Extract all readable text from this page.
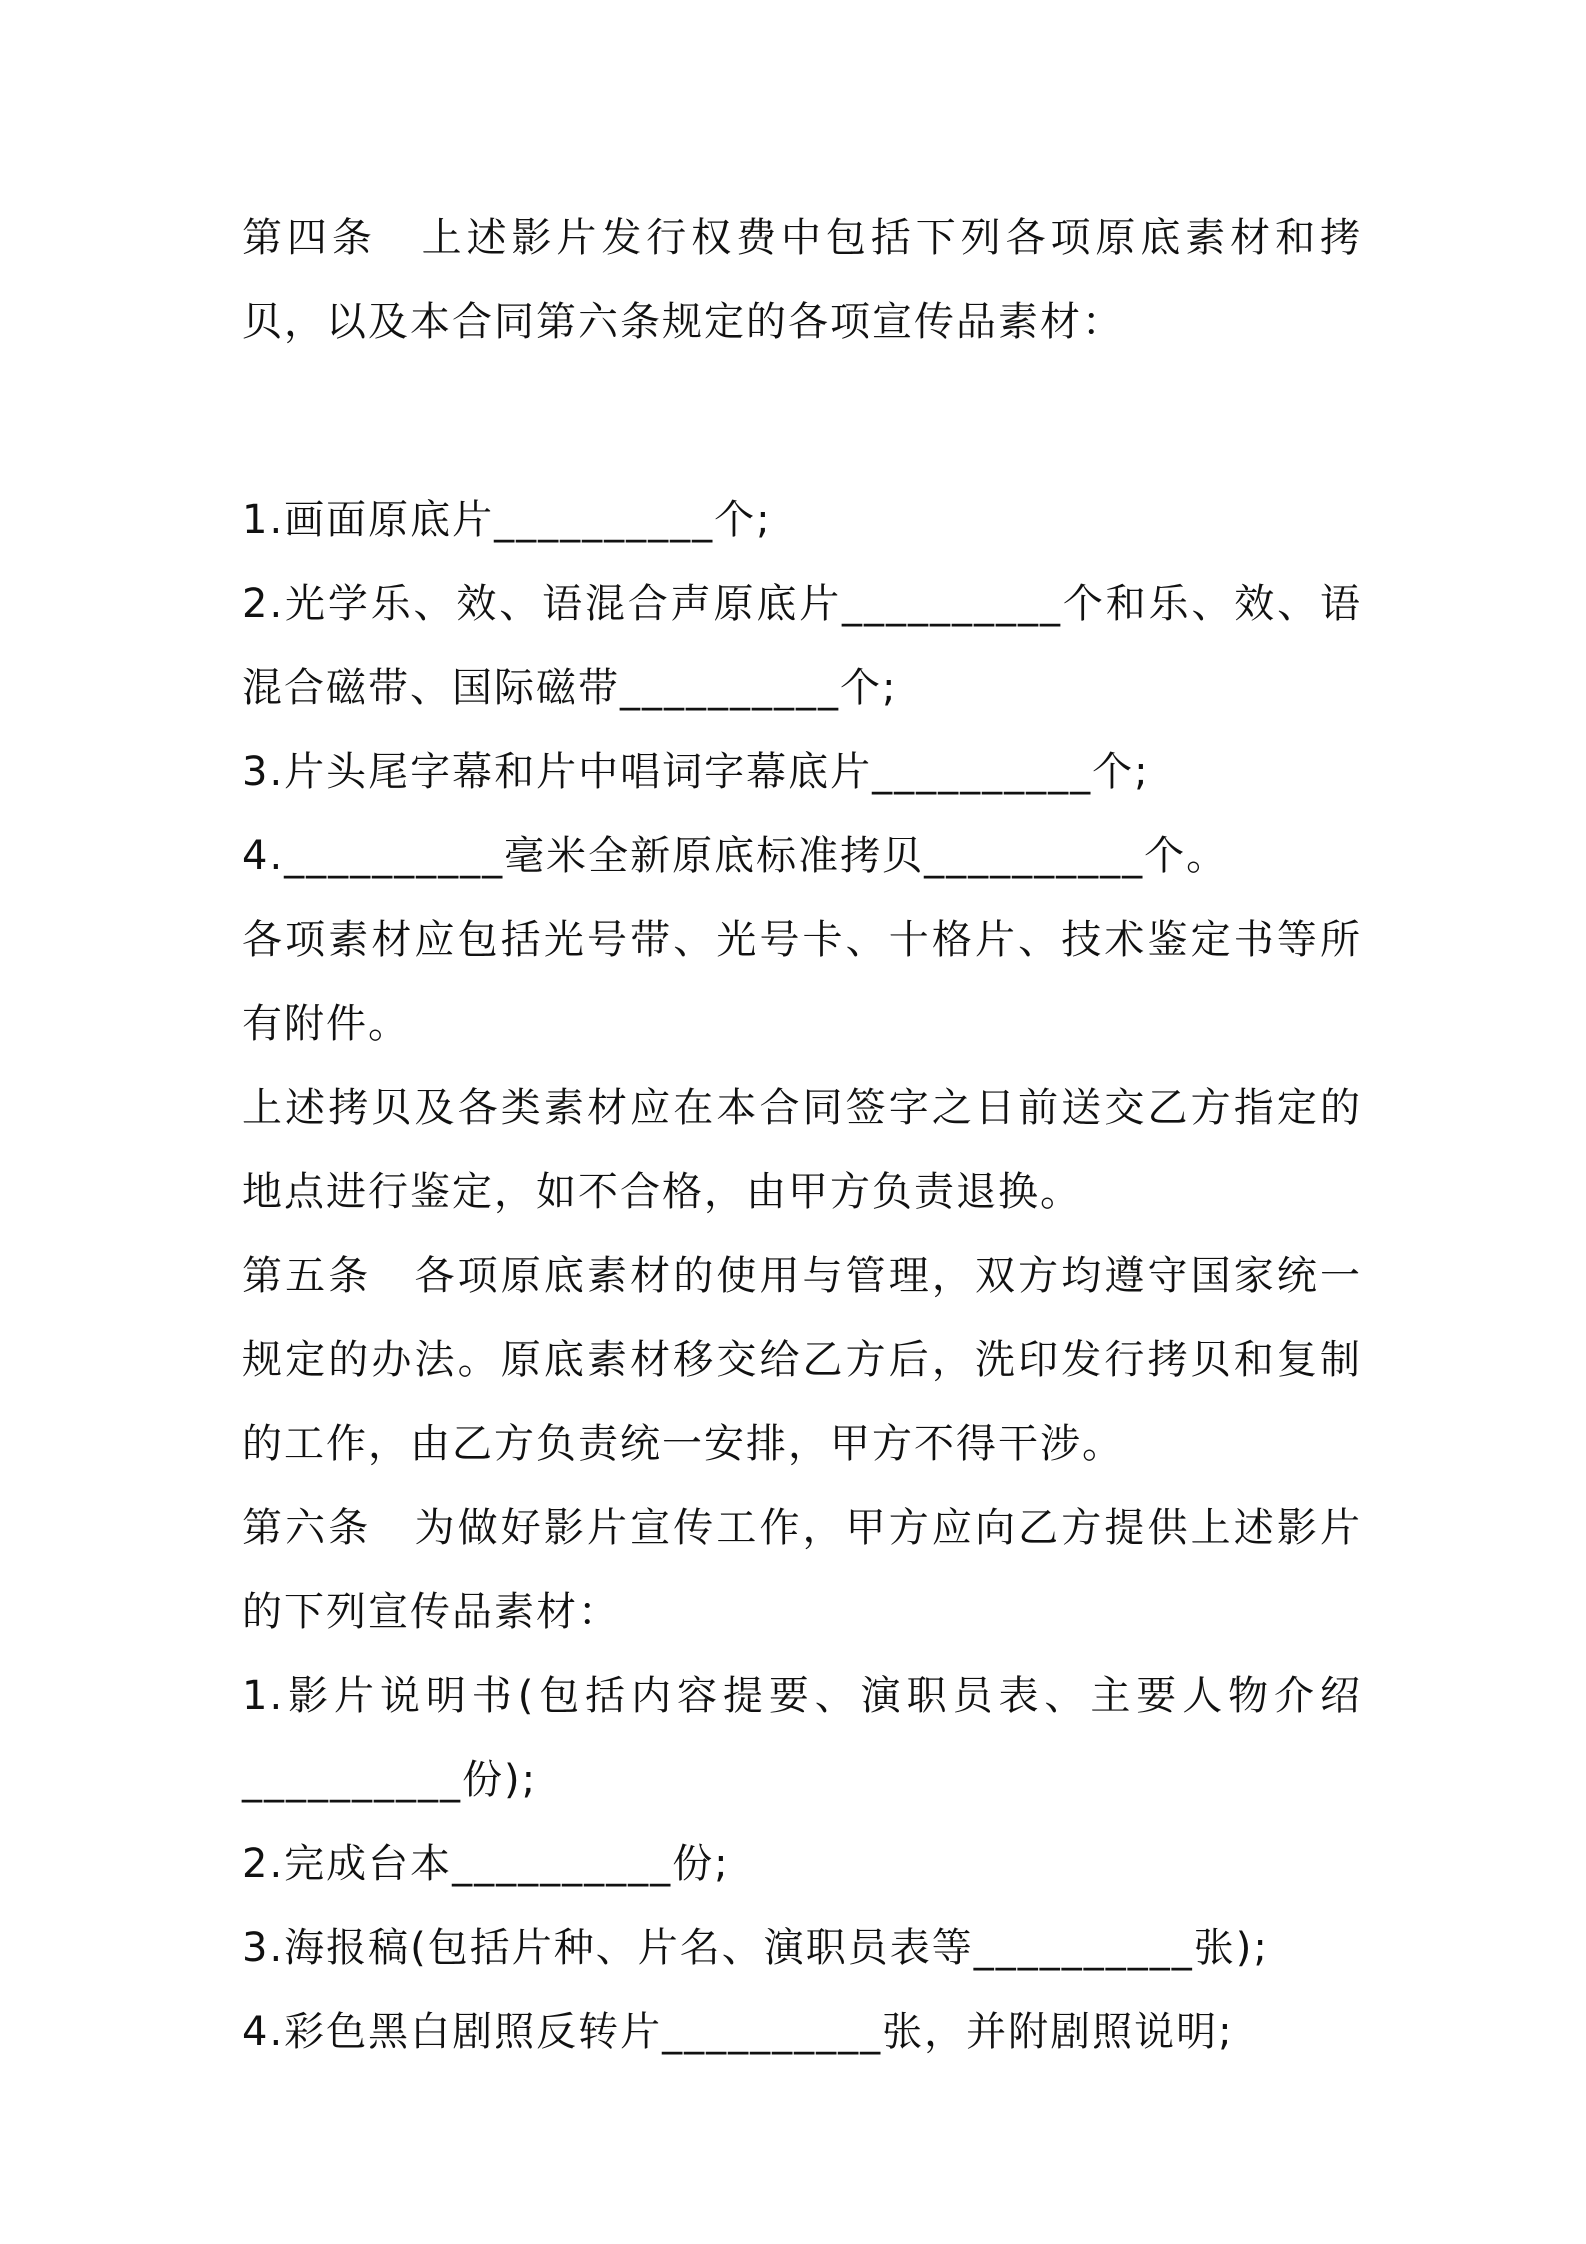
第四条　上述影片发行权费中包括下列各项原底素材和拷贝，以及本合同第六条规定的各项宣传品素材：

1.画面原底片__________个;

2.光学乐、效、语混合声原底片__________个和乐、效、语混合磁带、国际磁带__________个;

3.片头尾字幕和片中唱词字幕底片__________个;

4.__________毫米全新原底标准拷贝__________个。

各项素材应包括光号带、光号卡、十格片、技术鉴定书等所有附件。

上述拷贝及各类素材应在本合同签字之日前送交乙方指定的地点进行鉴定，如不合格，由甲方负责退换。

第五条　各项原底素材的使用与管理，双方均遵守国家统一规定的办法。原底素材移交给乙方后，洗印发行拷贝和复制的工作，由乙方负责统一安排，甲方不得干涉。

第六条　为做好影片宣传工作，甲方应向乙方提供上述影片的下列宣传品素材：

1.影片说明书(包括内容提要、演职员表、主要人物介绍__________份);

2.完成台本__________份;

3.海报稿(包括片种、片名、演职员表等__________张);

4.彩色黑白剧照反转片__________张，并附剧照说明;
